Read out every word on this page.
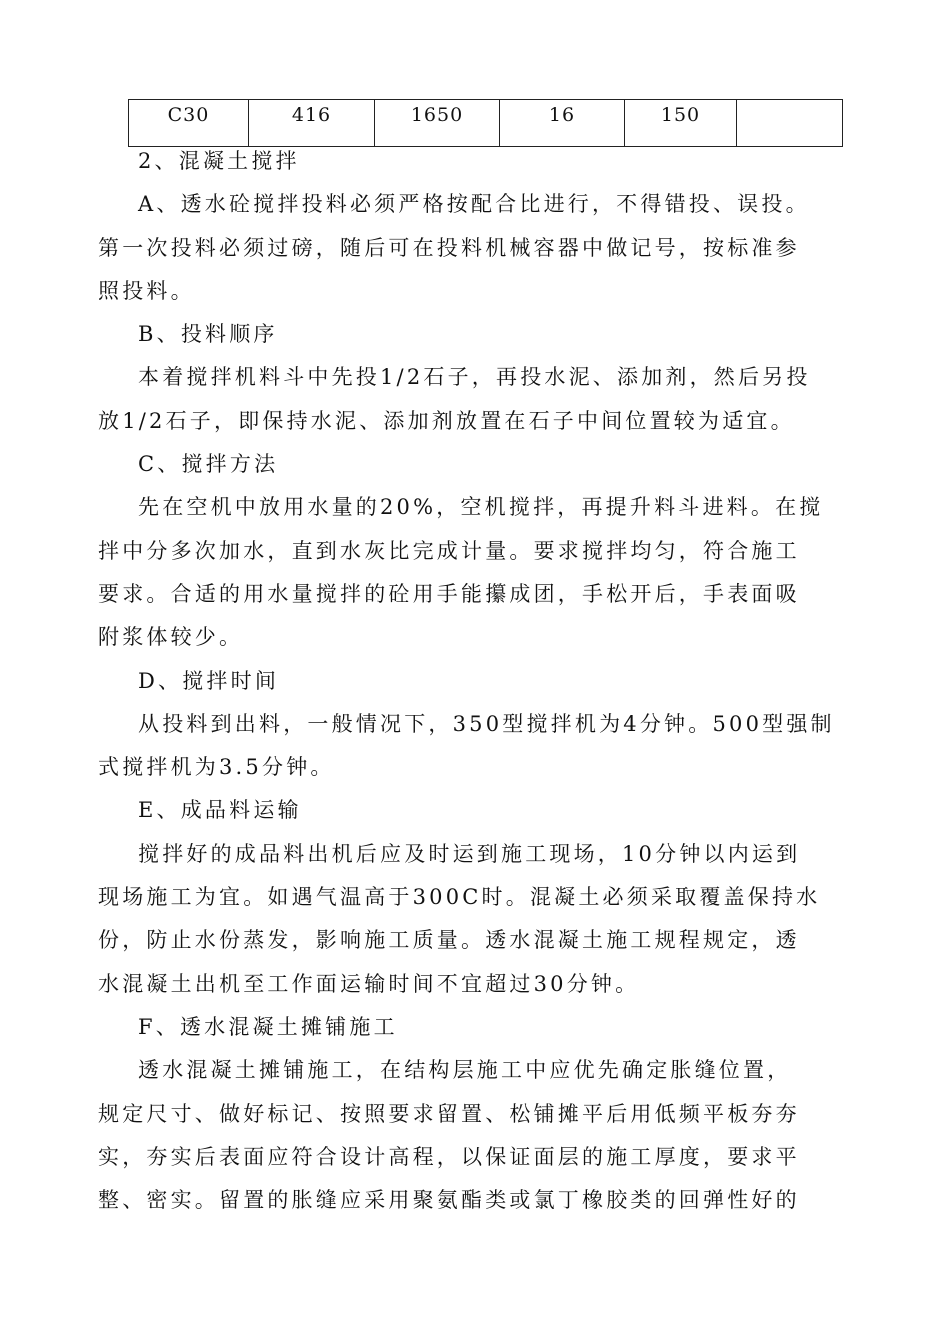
C30	416	1650	16	150	
2、混凝土搅拌
A、透水砼搅拌投料必须严格按配合比进行，不得错投、误投。
第一次投料必须过磅，随后可在投料机械容器中做记号，按标准参
照投料。
B、投料顺序
本着搅拌机料斗中先投1/2石子，再投水泥、添加剂，然后另投
放1/2石子，即保持水泥、添加剂放置在石子中间位置较为适宜。
C、搅拌方法
先在空机中放用水量的20%，空机搅拌，再提升料斗进料。在搅
拌中分多次加水，直到水灰比完成计量。要求搅拌均匀，符合施工
要求。合适的用水量搅拌的砼用手能攥成团，手松开后，手表面吸
附浆体较少。
D、搅拌时间
从投料到出料，一般情况下，350型搅拌机为4分钟。500型强制
式搅拌机为3.5分钟。
E、成品料运输
搅拌好的成品料出机后应及时运到施工现场，10分钟以内运到
现场施工为宜。如遇气温高于300C时。混凝土必须采取覆盖保持水
份，防止水份蒸发，影响施工质量。透水混凝土施工规程规定，透
水混凝土出机至工作面运输时间不宜超过30分钟。
F、透水混凝土摊铺施工
透水混凝土摊铺施工，在结构层施工中应优先确定胀缝位置，
规定尺寸、做好标记、按照要求留置、松铺摊平后用低频平板夯夯
实，夯实后表面应符合设计高程，以保证面层的施工厚度，要求平
整、密实。留置的胀缝应采用聚氨酯类或氯丁橡胶类的回弹性好的
